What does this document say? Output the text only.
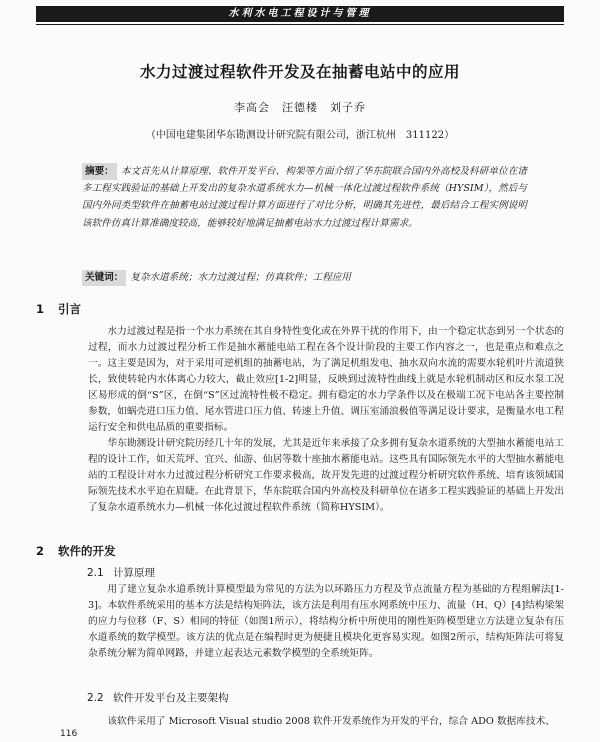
水利水电工程设计与管理
水力过渡过程软件开发及在抽蓄电站中的应用
李高会　汪德楼　刘子乔
（中国电建集团华东勘测设计研究院有限公司，浙江杭州　311122）
摘要： 本文首先从计算原理、软件开发平台、构架等方面介绍了华东院联合国内外高校及科研单位在诸多工程实践验证的基础上开发出的复杂水道系统水力—机械一体化过渡过程软件系统（HYSIM），然后与国内外同类型软件在抽蓄电站过渡过程计算方面进行了对比分析，明确其先进性，最后结合工程实例说明该软件仿真计算准确度较高，能够较好地满足抽蓄电站水力过渡过程计算需求。
关键词： 复杂水道系统；水力过渡过程；仿真软件；工程应用
1 引言
水力过渡过程是指一个水力系统在其自身特性变化或在外界干扰的作用下，由一个稳定状态到另一个状态的过程，而水力过渡过程分析工作是抽水蓄能电站工程在各个设计阶段的主要工作内容之一，也是重点和难点之一。这主要是因为，对于采用可逆机组的抽蓄电站，为了满足机组发电、抽水双向水流的需要水轮机叶片流道狭长，致使转轮内水体离心力较大，截止效应[1-2]明显，反映到过流特性曲线上就是水轮机制动区和反水泵工况区易形成的倒“S”区，在倒“S”区过流特性极不稳定。拥有稳定的水力学条件以及在极端工况下电站各主要控制参数，如蜗壳进口压力值、尾水管进口压力值、转速上升值、调压室涌浪极值等满足设计要求，是衡量水电工程运行安全和供电品质的重要指标。
华东勘测设计研究院历经几十年的发展，尤其是近年来承接了众多拥有复杂水道系统的大型抽水蓄能电站工程的设计工作，如天荒坪、宜兴、仙游、仙居等数十座抽水蓄能电站。这些具有国际领先水平的大型抽水蓄能电站的工程设计对水力过渡过程分析研究工作要求极高，故开发先进的过渡过程分析研究软件系统、培育该领域国际领先技术水平迫在眉睫。在此背景下，华东院联合国内外高校及科研单位在诸多工程实践验证的基础上开发出了复杂水道系统水力—机械一体化过渡过程软件系统（简称HYSIM）。
2 软件的开发
2.1 计算原理
用了建立复杂水道系统计算模型最为常见的方法为以环路压力方程及节点流量方程为基础的方程组解法[1-3]。本软件系统采用的基本方法是结构矩阵法，该方法是利用有压水网系统中压力、流量（H、Q）[4]结构梁架的应力与位移（F、S）相同的特征（如图1所示），将结构分析中所使用的刚性矩阵模型建立方法建立复杂有压水道系统的数学模型。该方法的优点是在编程时更为便捷且模块化更容易实现。如图2所示，结构矩阵法可将复杂系统分解为简单网路，并建立起表达元素数学模型的全系统矩阵。
2.2 软件开发平台及主要架构
该软件采用了 Microsoft Visual studio 2008 软件开发系统作为开发的平台，综合 ADO 数据库技术、
116
